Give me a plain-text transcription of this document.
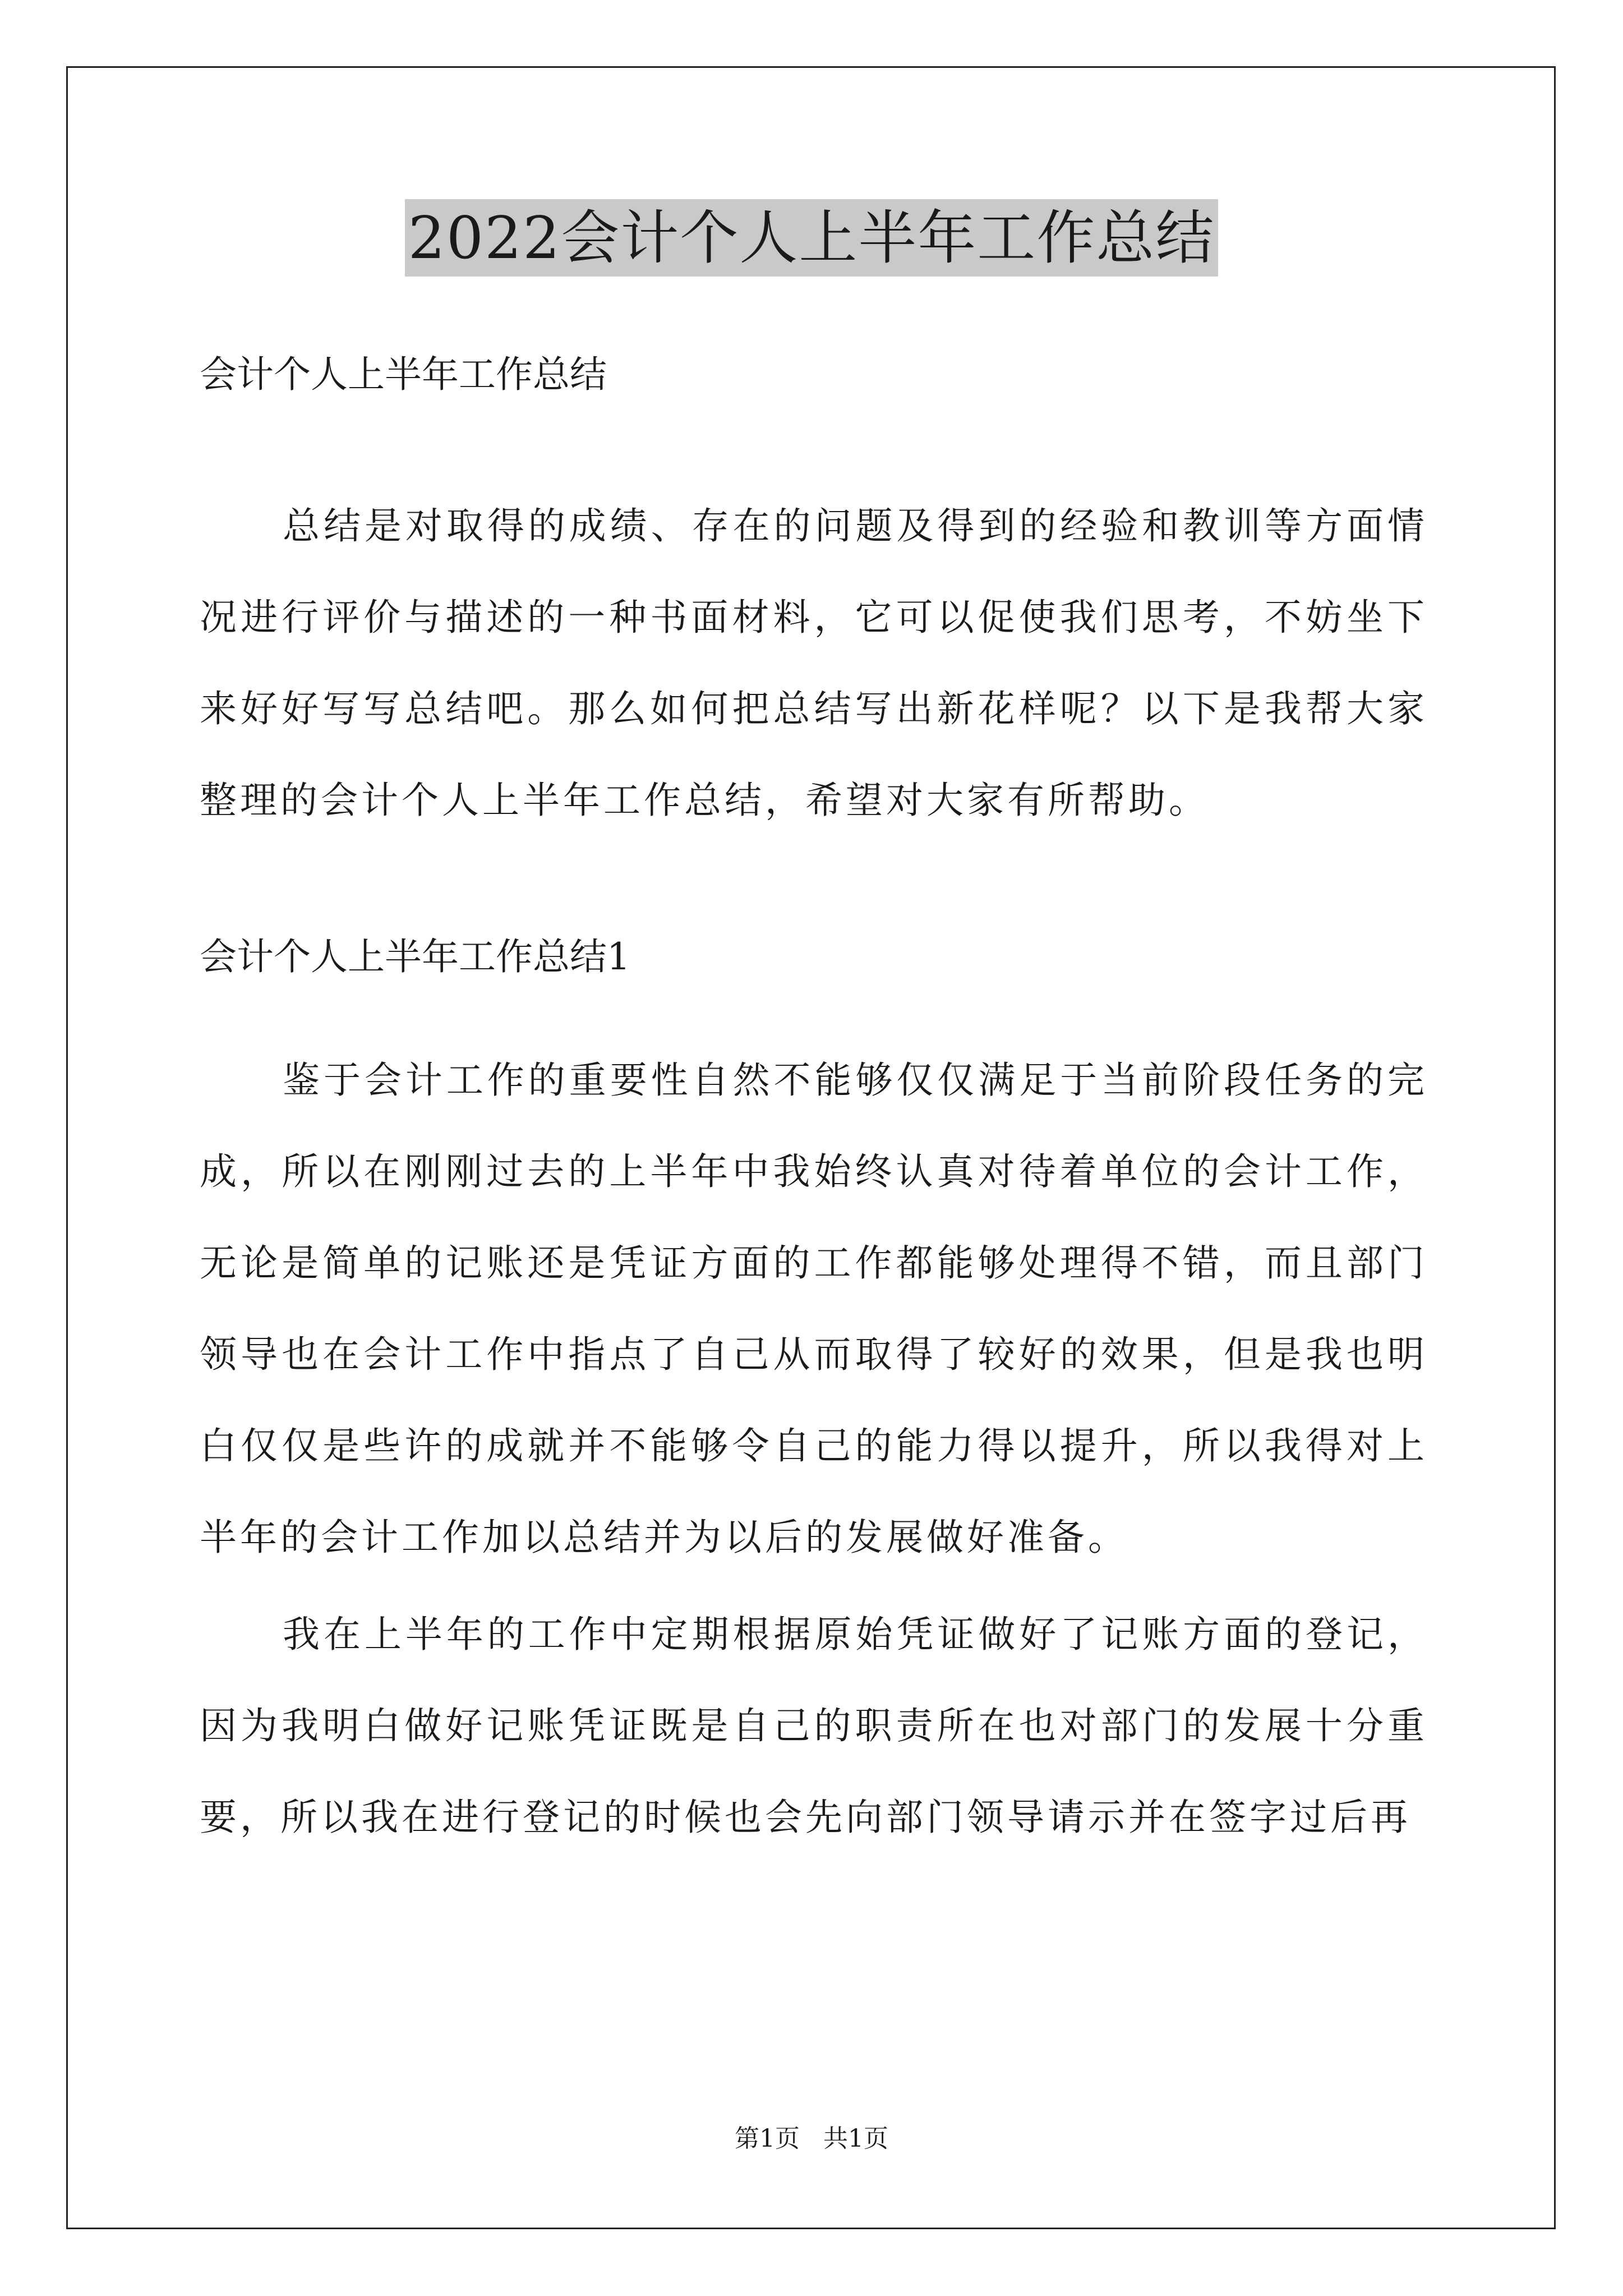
2022会计个人上半年工作总结

会计个人上半年工作总结

总结是对取得的成绩、存在的问题及得到的经验和教训等方面情况进行评价与描述的一种书面材料，它可以促使我们思考，不妨坐下来好好写写总结吧。那么如何把总结写出新花样呢？以下是我帮大家整理的会计个人上半年工作总结，希望对大家有所帮助。

会计个人上半年工作总结1

鉴于会计工作的重要性自然不能够仅仅满足于当前阶段任务的完成，所以在刚刚过去的上半年中我始终认真对待着单位的会计工作，无论是简单的记账还是凭证方面的工作都能够处理得不错，而且部门领导也在会计工作中指点了自己从而取得了较好的效果，但是我也明白仅仅是些许的成就并不能够令自己的能力得以提升，所以我得对上半年的会计工作加以总结并为以后的发展做好准备。

我在上半年的工作中定期根据原始凭证做好了记账方面的登记，因为我明白做好记账凭证既是自己的职责所在也对部门的发展十分重要，所以我在进行登记的时候也会先向部门领导请示并在签字过后再

第1页   共1页
